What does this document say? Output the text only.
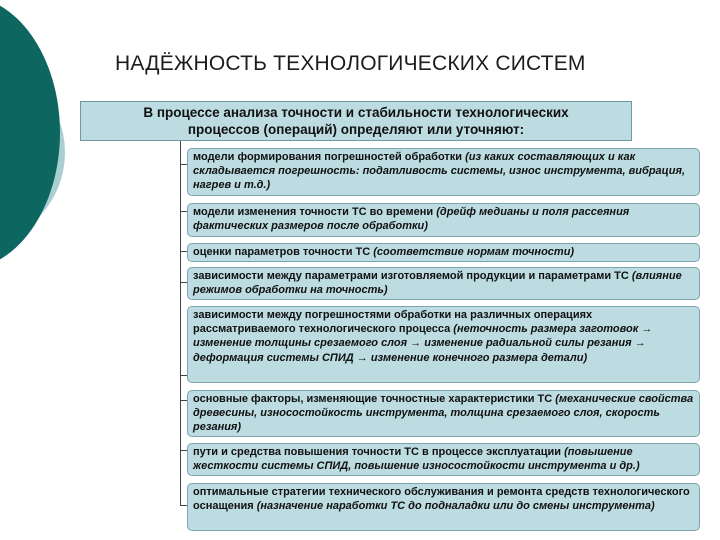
НАДЁЖНОСТЬ ТЕХНОЛОГИЧЕСКИХ СИСТЕМ
В процессе анализа точности и стабильности технологических
процессов (операций) определяют или уточняют:
модели формирования погрешностей обработки (из каких составляющих и как складывается погрешность: податливость системы, износ инструмента, вибрация, нагрев и т.д.)
модели изменения точности ТС во времени (дрейф медианы и поля рассеяния фактических размеров после обработки)
оценки параметров точности ТС (соответствие нормам точности)
зависимости между параметрами изготовляемой продукции и параметрами ТС (влияние режимов обработки на точность)
зависимости между погрешностями обработки на различных операциях рассматриваемого технологического процесса (неточность размера заготовок → изменение толщины срезаемого слоя → изменение радиальной силы резания → деформация системы СПИД → изменение конечного размера детали)
основные факторы, изменяющие точностные характеристики ТС (механические свойства древесины, износостойкость инструмента, толщина срезаемого слоя, скорость резания)
пути и средства повышения точности ТС в процессе эксплуатации (повышение жесткости системы СПИД, повышение износостойкости инструмента и др.)
оптимальные стратегии технического обслуживания и ремонта средств технологического оснащения (назначение наработки ТС до подналадки или до смены инструмента)
